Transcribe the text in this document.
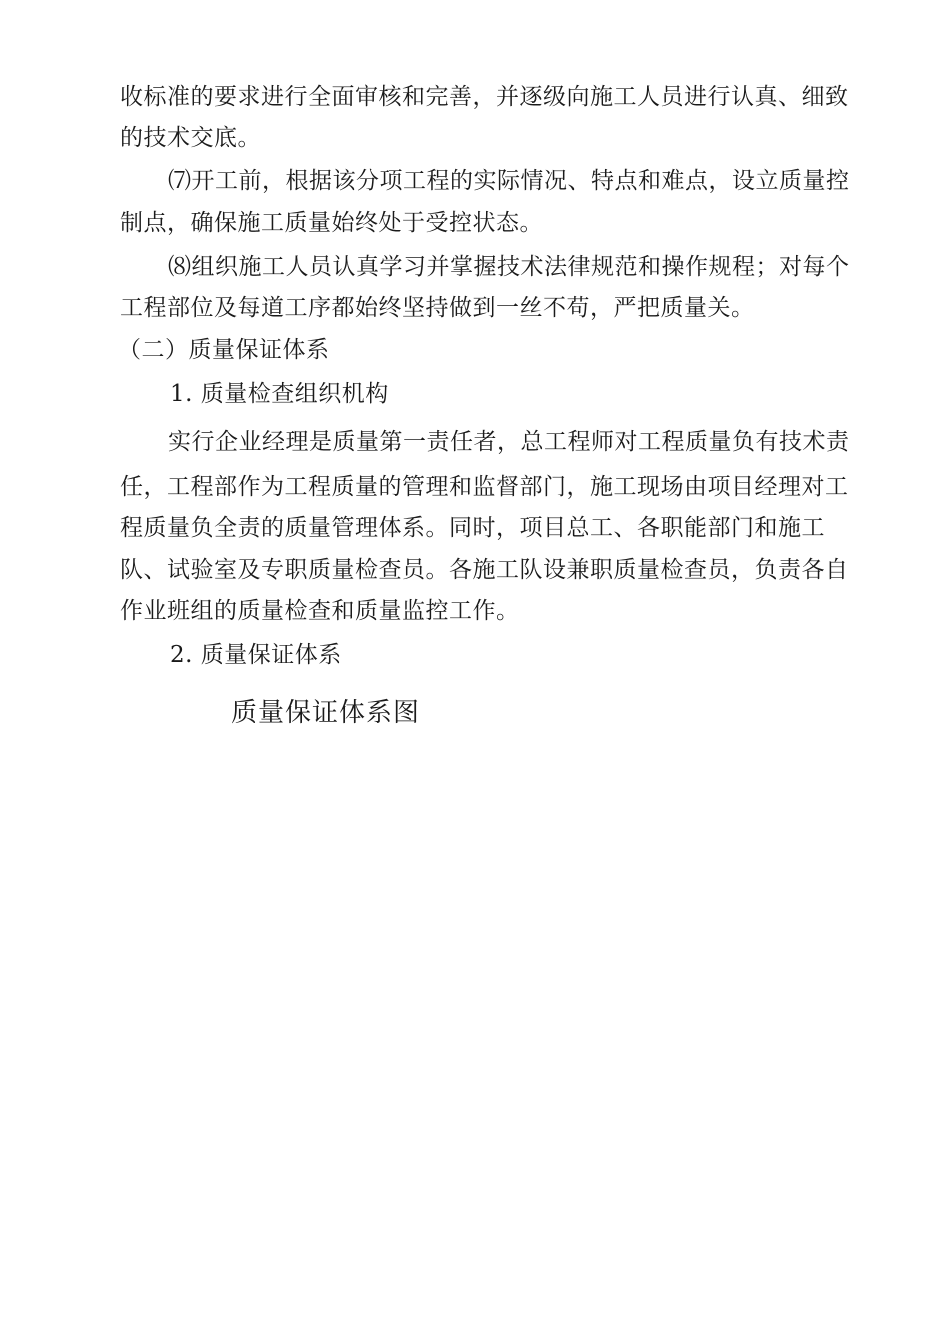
收标准的要求进行全面审核和完善，并逐级向施工人员进行认真、细致
的技术交底。
⑺开工前，根据该分项工程的实际情况、特点和难点，设立质量控
制点，确保施工质量始终处于受控状态。
⑻组织施工人员认真学习并掌握技术法律规范和操作规程；对每个
工程部位及每道工序都始终坚持做到一丝不苟，严把质量关。
（二）质量保证体系
1. 质量检查组织机构
实行企业经理是质量第一责任者，总工程师对工程质量负有技术责
任，工程部作为工程质量的管理和监督部门，施工现场由项目经理对工
程质量负全责的质量管理体系。同时，项目总工、各职能部门和施工
队、试验室及专职质量检查员。各施工队设兼职质量检查员，负责各自
作业班组的质量检查和质量监控工作。
2. 质量保证体系
质量保证体系图
